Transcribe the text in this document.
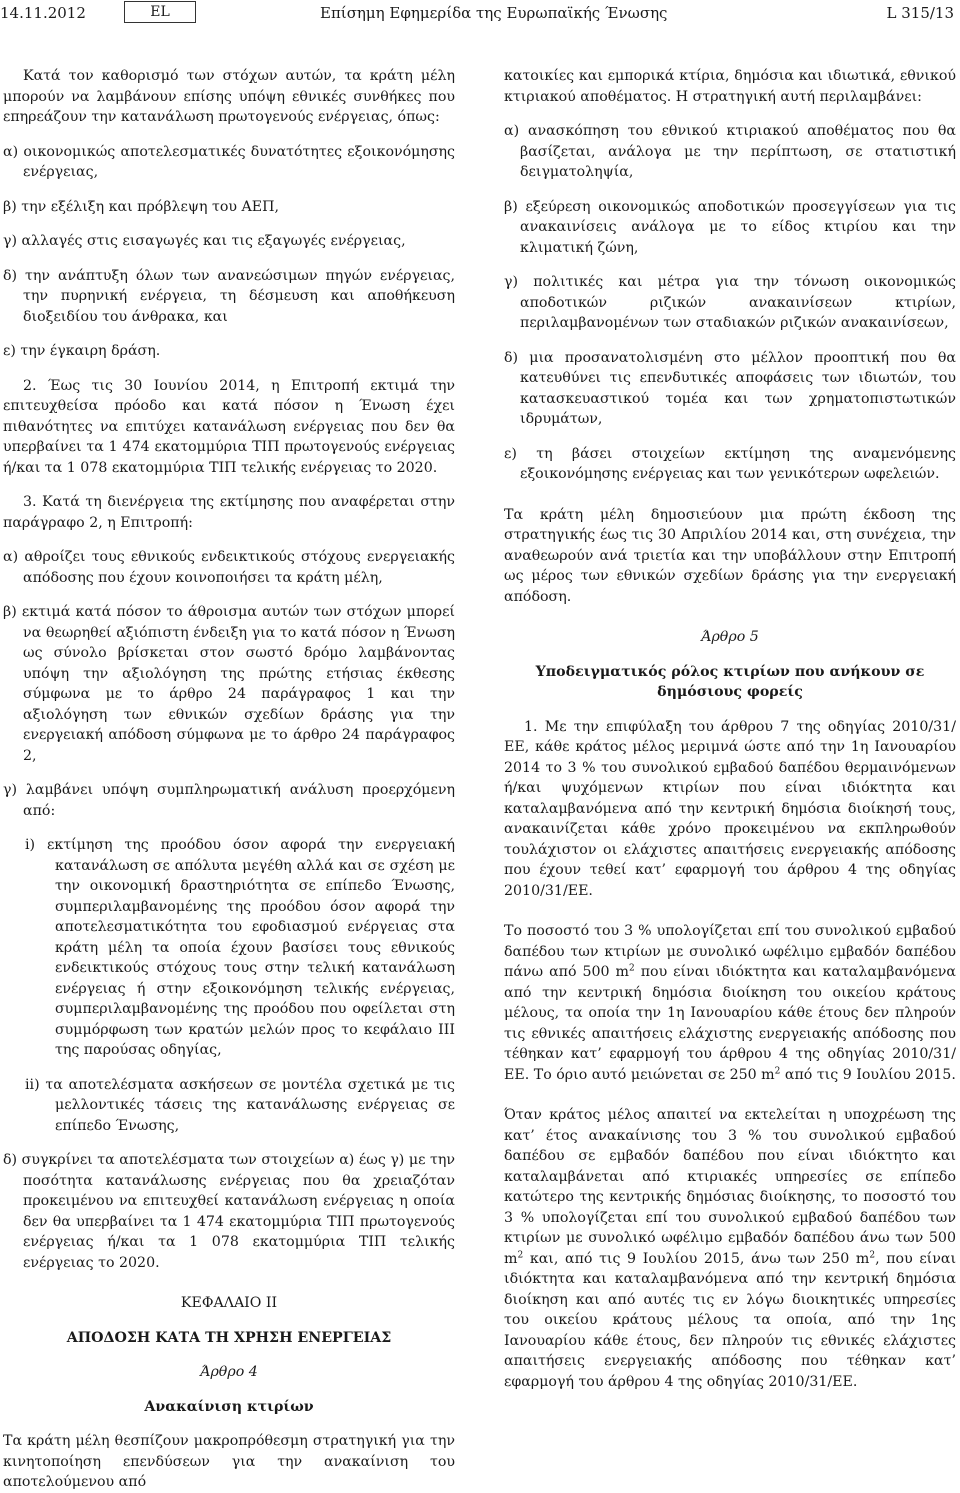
14.11.2012	EL	Επίσημη Εφημερίδα της Ευρωπαϊκής Ένωσης	L 315/13

Κατά τον καθορισμό των στόχων αυτών, τα κράτη μέλη μπορούν να λαμβάνουν επίσης υπόψη εθνικές συνθήκες που επηρεάζουν την κατανάλωση πρωτογενούς ενέργειας, όπως:

α) οικονομικώς αποτελεσματικές δυνατότητες εξοικονόμησης ενέργειας,

β) την εξέλιξη και πρόβλεψη του ΑΕΠ,

γ) αλλαγές στις εισαγωγές και τις εξαγωγές ενέργειας,

δ) την ανάπτυξη όλων των ανανεώσιμων πηγών ενέργειας, την πυρηνική ενέργεια, τη δέσμευση και αποθήκευση διοξειδίου του άνθρακα, και

ε) την έγκαιρη δράση.

2. Έως τις 30 Ιουνίου 2014, η Επιτροπή εκτιμά την επιτευχθείσα πρόοδο και κατά πόσον η Ένωση έχει πιθανότητες να επιτύχει κατανάλωση ενέργειας που δεν θα υπερβαίνει τα 1 474 εκατομμύρια ΤΙΠ πρωτογενούς ενέργειας ή/και τα 1 078 εκατομμύρια ΤΙΠ τελικής ενέργειας το 2020.

3. Κατά τη διενέργεια της εκτίμησης που αναφέρεται στην παράγραφο 2, η Επιτροπή:

α) αθροίζει τους εθνικούς ενδεικτικούς στόχους ενεργειακής απόδοσης που έχουν κοινοποιήσει τα κράτη μέλη,

β) εκτιμά κατά πόσον το άθροισμα αυτών των στόχων μπορεί να θεωρηθεί αξιόπιστη ένδειξη για το κατά πόσον η Ένωση ως σύνολο βρίσκεται στον σωστό δρόμο λαμβάνοντας υπόψη την αξιολόγηση της πρώτης ετήσιας έκθεσης σύμφωνα με το άρθρο 24 παράγραφος 1 και την αξιολόγηση των εθνικών σχεδίων δράσης για την ενεργειακή απόδοση σύμφωνα με το άρθρο 24 παράγραφος 2,

γ) λαμβάνει υπόψη συμπληρωματική ανάλυση προερχόμενη από:

i) εκτίμηση της προόδου όσον αφορά την ενεργειακή κατανάλωση σε απόλυτα μεγέθη αλλά και σε σχέση με την οικονομική δραστηριότητα σε επίπεδο Ένωσης, συμπεριλαμβανομένης της προόδου όσον αφορά την αποτελεσματικότητα του εφοδιασμού ενέργειας στα κράτη μέλη τα οποία έχουν βασίσει τους εθνικούς ενδεικτικούς στόχους τους στην τελική κατανάλωση ενέργειας ή στην εξοικονόμηση τελικής ενέργειας, συμπεριλαμβανομένης της προόδου που οφείλεται στη συμμόρφωση των κρατών μελών προς το κεφάλαιο ΙΙΙ της παρούσας οδηγίας,

ii) τα αποτελέσματα ασκήσεων σε μοντέλα σχετικά με τις μελλοντικές τάσεις της κατανάλωσης ενέργειας σε επίπεδο Ένωσης,

δ) συγκρίνει τα αποτελέσματα των στοιχείων α) έως γ) με την ποσότητα κατανάλωσης ενέργειας που θα χρειαζόταν προκειμένου να επιτευχθεί κατανάλωση ενέργειας η οποία δεν θα υπερβαίνει τα 1 474 εκατομμύρια ΤΙΠ πρωτογενούς ενέργειας ή/και τα 1 078 εκατομμύρια ΤΙΠ τελικής ενέργειας το 2020.

ΚΕΦΑΛΑΙΟ ΙΙ

ΑΠΟΔΟΣΗ ΚΑΤΑ ΤΗ ΧΡΗΣΗ ΕΝΕΡΓΕΙΑΣ

Άρθρο 4

Ανακαίνιση κτιρίων

Τα κράτη μέλη θεσπίζουν μακροπρόθεσμη στρατηγική για την κινητοποίηση επενδύσεων για την ανακαίνιση του αποτελούμενου από

κατοικίες και εμπορικά κτίρια, δημόσια και ιδιωτικά, εθνικού κτιριακού αποθέματος. Η στρατηγική αυτή περιλαμβάνει:

α) ανασκόπηση του εθνικού κτιριακού αποθέματος που θα βασίζεται, ανάλογα με την περίπτωση, σε στατιστική δειγματοληψία,

β) εξεύρεση οικονομικώς αποδοτικών προσεγγίσεων για τις ανακαινίσεις ανάλογα με το είδος κτιρίου και την κλιματική ζώνη,

γ) πολιτικές και μέτρα για την τόνωση οικονομικώς αποδοτικών ριζικών ανακαινίσεων κτιρίων, περιλαμβανομένων των σταδιακών ριζικών ανακαινίσεων,

δ) μια προσανατολισμένη στο μέλλον προοπτική που θα κατευθύνει τις επενδυτικές αποφάσεις των ιδιωτών, του κατασκευαστικού τομέα και των χρηματοπιστωτικών ιδρυμάτων,

ε) τη βάσει στοιχείων εκτίμηση της αναμενόμενης εξοικονόμησης ενέργειας και των γενικότερων ωφελειών.

Τα κράτη μέλη δημοσιεύουν μια πρώτη έκδοση της στρατηγικής έως τις 30 Απριλίου 2014 και, στη συνέχεια, την αναθεωρούν ανά τριετία και την υποβάλλουν στην Επιτροπή ως μέρος των εθνικών σχεδίων δράσης για την ενεργειακή απόδοση.

Άρθρο 5

Υποδειγματικός ρόλος κτιρίων που ανήκουν σε δημόσιους φορείς

1. Με την επιφύλαξη του άρθρου 7 της οδηγίας 2010/31/ΕΕ, κάθε κράτος μέλος μεριμνά ώστε από την 1η Ιανουαρίου 2014 το 3 % του συνολικού εμβαδού δαπέδου θερμαινόμενων ή/και ψυχόμενων κτιρίων που είναι ιδιόκτητα και καταλαμβανόμενα από την κεντρική δημόσια διοίκησή τους, ανακαινίζεται κάθε χρόνο προκειμένου να εκπληρωθούν τουλάχιστον οι ελάχιστες απαιτήσεις ενεργειακής απόδοσης που έχουν τεθεί κατ’ εφαρμογή του άρθρου 4 της οδηγίας 2010/31/ΕΕ.

Το ποσοστό του 3 % υπολογίζεται επί του συνολικού εμβαδού δαπέδου των κτιρίων με συνολικό ωφέλιμο εμβαδόν δαπέδου πάνω από 500 $m^2$ που είναι ιδιόκτητα και καταλαμβανόμενα από την κεντρική δημόσια διοίκηση του οικείου κράτους μέλους, τα οποία την 1η Ιανουαρίου κάθε έτους δεν πληρούν τις εθνικές απαιτήσεις ελάχιστης ενεργειακής απόδοσης που τέθηκαν κατ’ εφαρμογή του άρθρου 4 της οδηγίας 2010/31/ΕΕ. Το όριο αυτό μειώνεται σε 250 $m^2$ από τις 9 Ιουλίου 2015.

Όταν κράτος μέλος απαιτεί να εκτελείται η υποχρέωση της κατ’ έτος ανακαίνισης του 3 % του συνολικού εμβαδού δαπέδου σε εμβαδόν δαπέδου που είναι ιδιόκτητο και καταλαμβάνεται από κτιριακές υπηρεσίες σε επίπεδο κατώτερο της κεντρικής δημόσιας διοίκησης, το ποσοστό του 3 % υπολογίζεται επί του συνολικού εμβαδού δαπέδου των κτιρίων με συνολικό ωφέλιμο εμβαδόν δαπέδου άνω των 500 $m^2$ και, από τις 9 Ιουλίου 2015, άνω των 250 $m^2$, που είναι ιδιόκτητα και καταλαμβανόμενα από την κεντρική δημόσια διοίκηση και από αυτές τις εν λόγω διοικητικές υπηρεσίες του οικείου κράτους μέλους τα οποία, από την 1ης Ιανουαρίου κάθε έτους, δεν πληρούν τις εθνικές ελάχιστες απαιτήσεις ενεργειακής απόδοσης που τέθηκαν κατ’ εφαρμογή του άρθρου 4 της οδηγίας 2010/31/ΕΕ.
